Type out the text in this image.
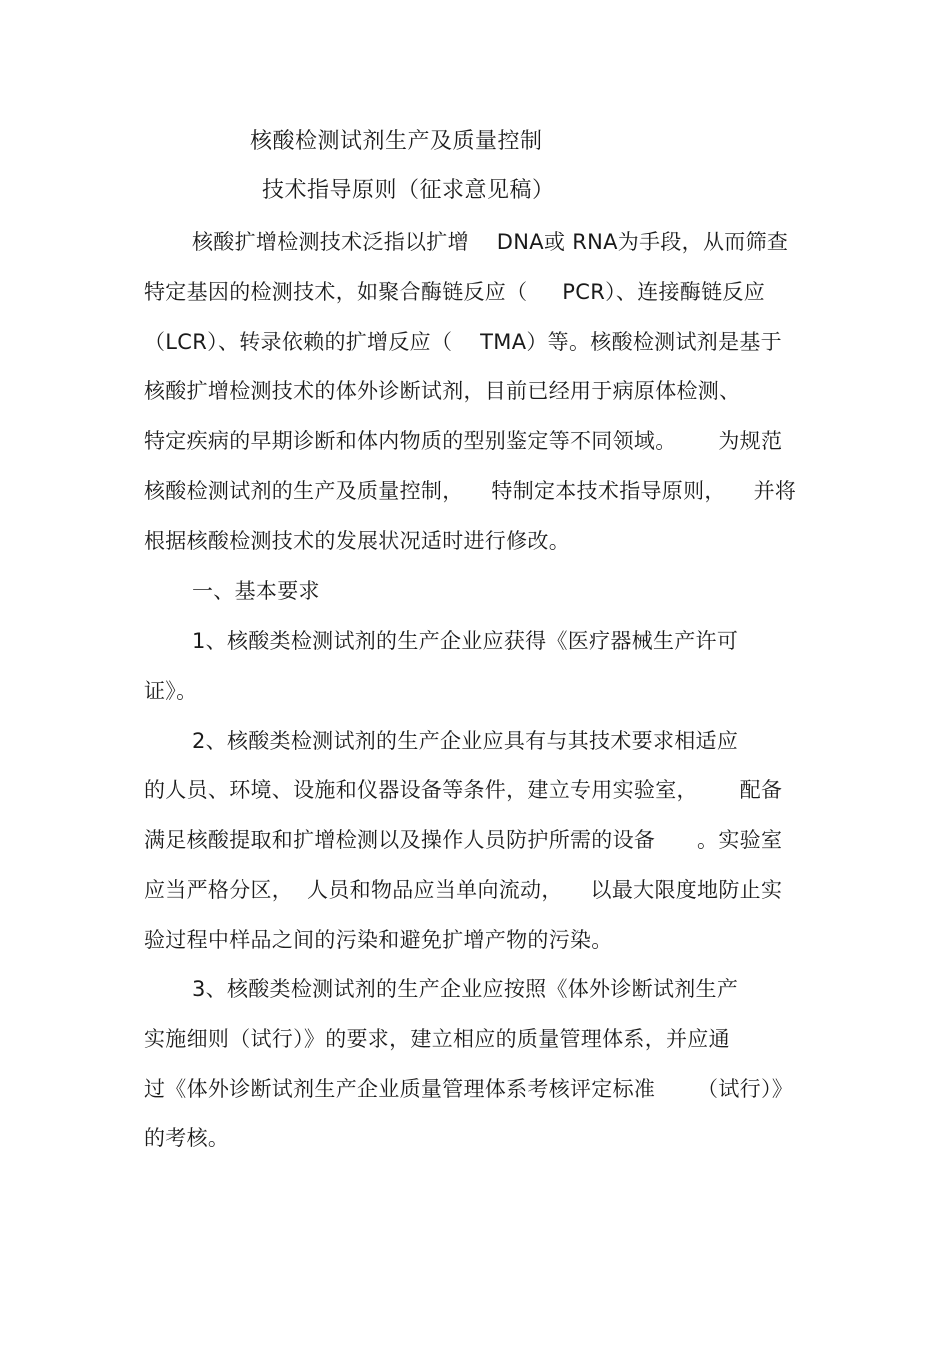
核酸检测试剂生产及质量控制
技术指导原则（征求意见稿）
核酸扩增检测技术泛指以扩增    DNA或 RNA为手段，从而筛查
特定基因的检测技术，如聚合酶链反应（     PCR）、连接酶链反应
（LCR）、转录依赖的扩增反应（    TMA）等。核酸检测试剂是基于
核酸扩增检测技术的体外诊断试剂，目前已经用于病原体检测、
特定疾病的早期诊断和体内物质的型别鉴定等不同领域。      为规范
核酸检测试剂的生产及质量控制，    特制定本技术指导原则，    并将
根据核酸检测技术的发展状况适时进行修改。
一、基本要求
1、核酸类检测试剂的生产企业应获得《医疗器械生产许可
证》。
2、核酸类检测试剂的生产企业应具有与其技术要求相适应
的人员、环境、设施和仪器设备等条件，建立专用实验室，      配备
满足核酸提取和扩增检测以及操作人员防护所需的设备      。实验室
应当严格分区，  人员和物品应当单向流动，    以最大限度地防止实
验过程中样品之间的污染和避免扩增产物的污染。
3、核酸类检测试剂的生产企业应按照《体外诊断试剂生产
实施细则（试行）》的要求，建立相应的质量管理体系，并应通
过《体外诊断试剂生产企业质量管理体系考核评定标准      （试行）》
的考核。
